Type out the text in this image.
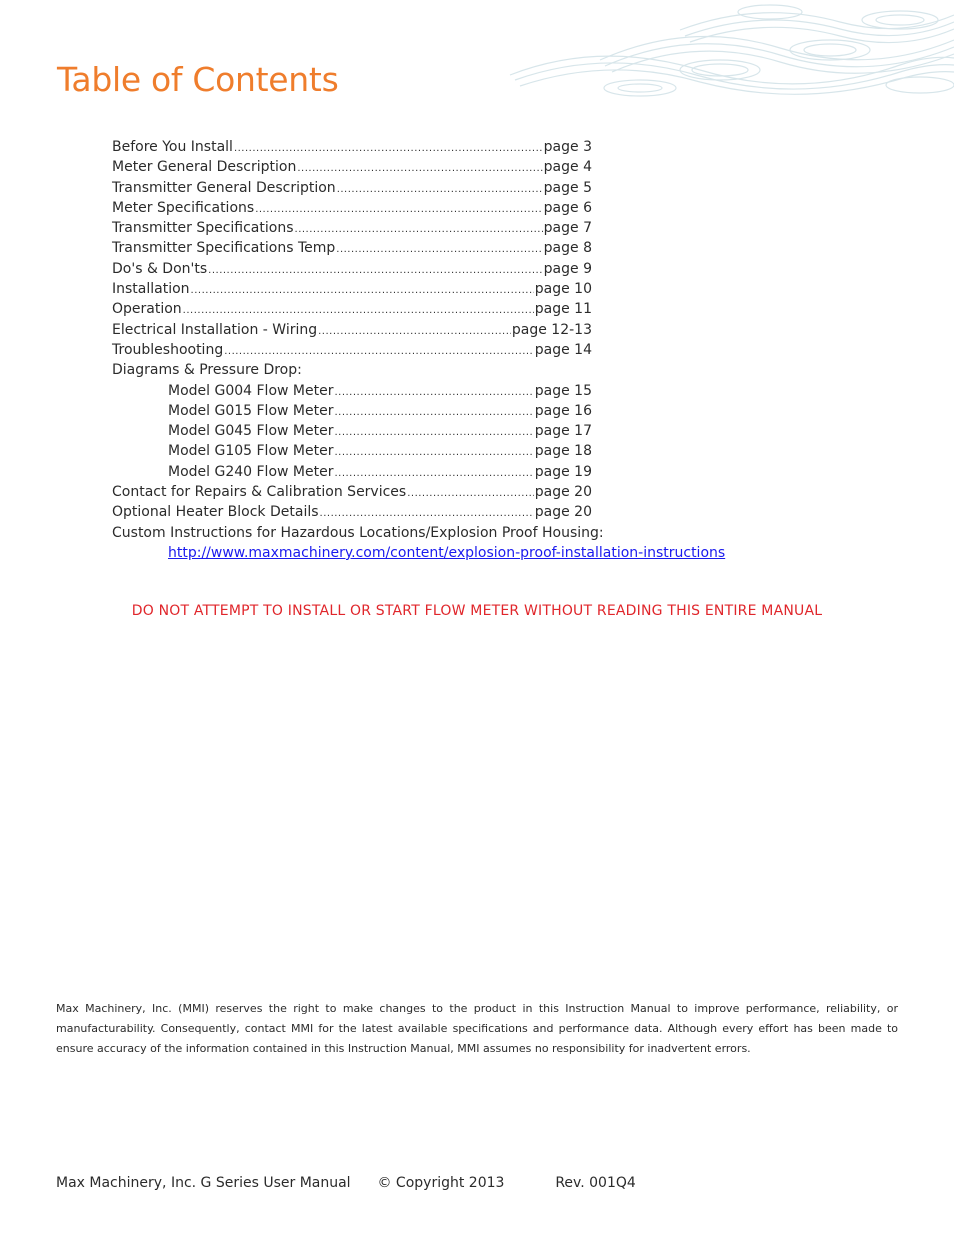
Table of Contents
Before You Install .....	page 3
Meter General Description .....	page 4
Transmitter General Description .....	page 5
Meter Specifications .....	page 6
Transmitter Specifications .....	page 7
Transmitter Specifications Temp .....	page 8
Do's & Don'ts .....	page 9
Installation .....	page 10
Operation .....	page 11
Electrical Installation - Wiring .....	page 12-13
Troubleshooting .....	page 14
Diagrams & Pressure Drop:
Model G004 Flow Meter .....	page 15
Model G015 Flow Meter .....	page 16
Model G045 Flow Meter .....	page 17
Model G105 Flow Meter .....	page 18
Model G240 Flow Meter .....	page 19
Contact for Repairs & Calibration Services .....	page 20
Optional Heater Block Details .....	page 20
Custom Instructions for Hazardous Locations/Explosion Proof Housing:
http://www.maxmachinery.com/content/explosion-proof-installation-instructions
DO NOT ATTEMPT TO INSTALL OR START FLOW METER WITHOUT READING THIS ENTIRE MANUAL

Max Machinery, Inc. (MMI) reserves the right to make changes to the product in this Instruction Manual to improve performance, reliability, or manufacturability. Consequently, contact MMI for the latest available specifications and performance data. Although every effort has been made to ensure accuracy of the information contained in this Instruction Manual, MMI assumes no responsibility for inadvertent errors.

Max Machinery, Inc. G Series User Manual © Copyright 2013	Rev. 001Q4
